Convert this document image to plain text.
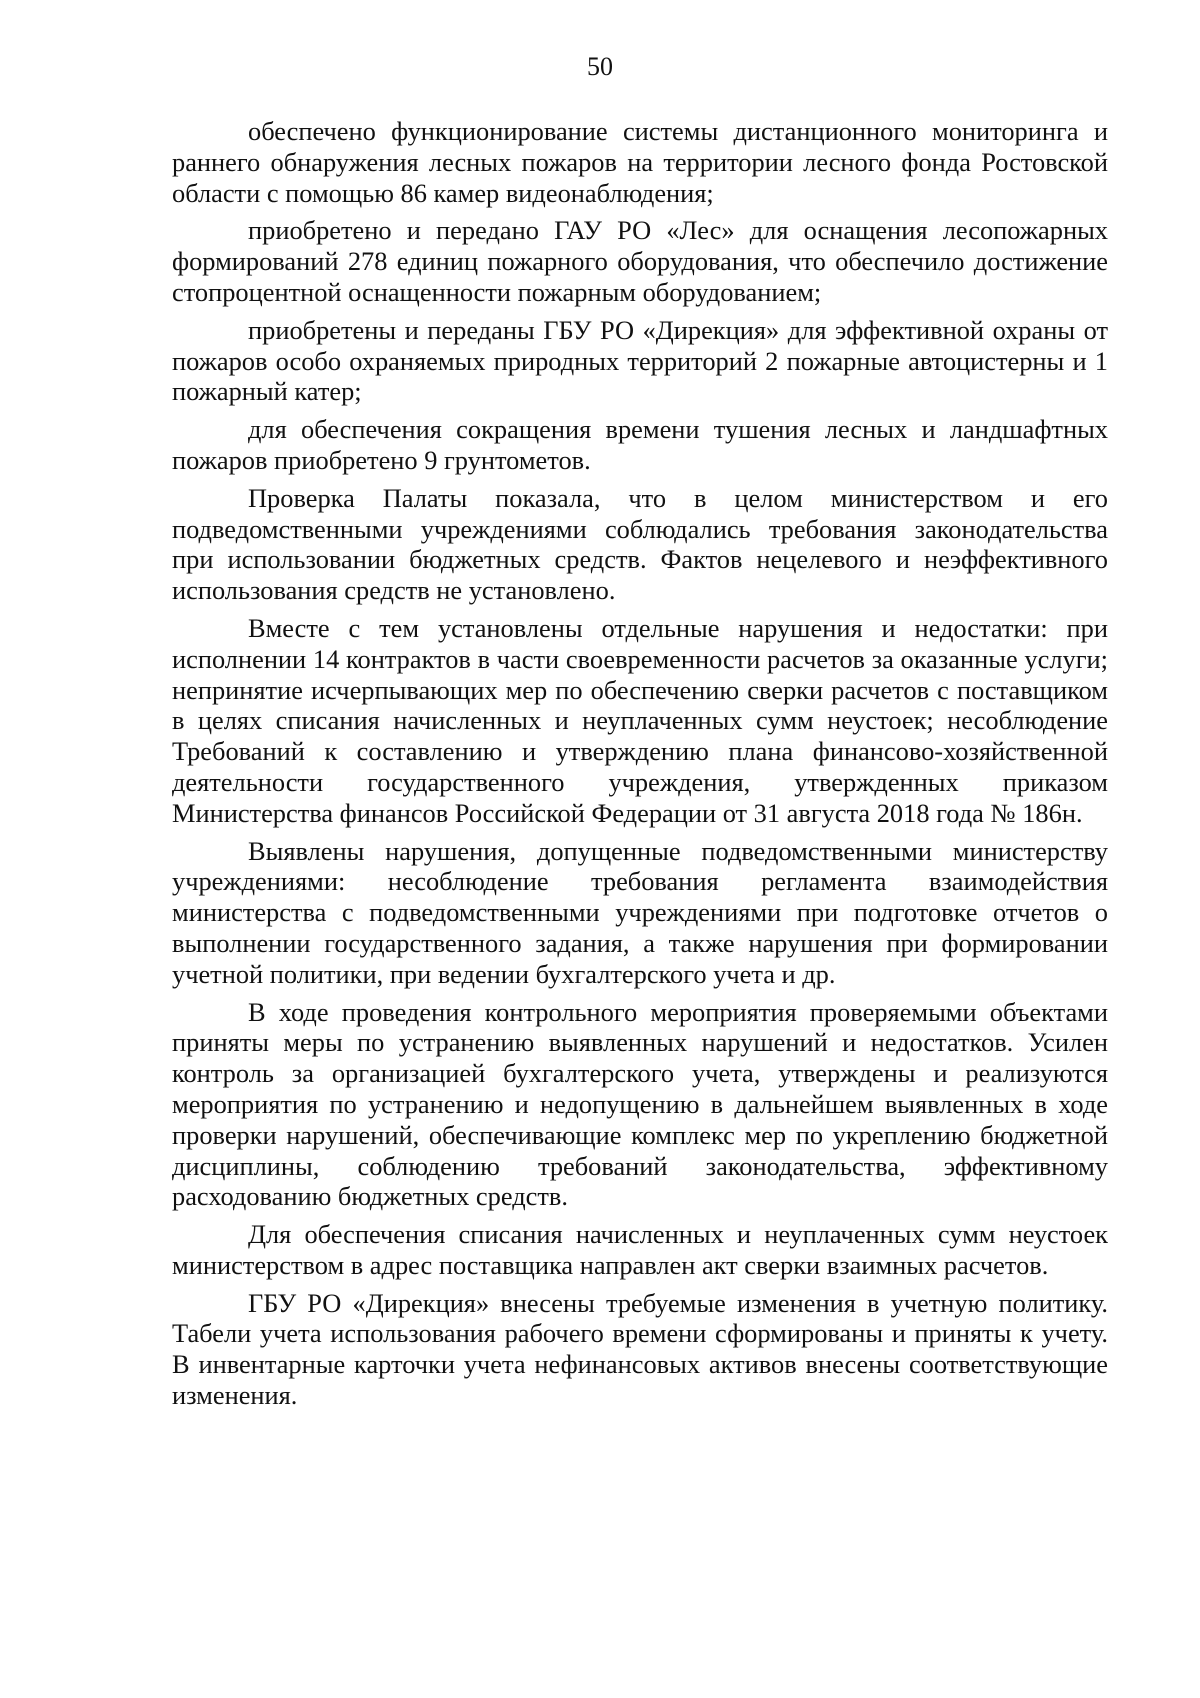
50

обеспечено функционирование системы дистанционного мониторинга и раннего обнаружения лесных пожаров на территории лесного фонда Ростовской области с помощью 86 камер видеонаблюдения;

приобретено и передано ГАУ РО «Лес» для оснащения лесопожарных формирований 278 единиц пожарного оборудования, что обеспечило достижение стопроцентной оснащенности пожарным оборудованием;

приобретены и переданы ГБУ РО «Дирекция» для эффективной охраны от пожаров особо охраняемых природных территорий 2 пожарные автоцистерны и 1 пожарный катер;

для обеспечения сокращения времени тушения лесных и ландшафтных пожаров приобретено 9 грунтометов.

Проверка Палаты показала, что в целом министерством и его подведомственными учреждениями соблюдались требования законодательства при использовании бюджетных средств. Фактов нецелевого и неэффективного использования средств не установлено.

Вместе с тем установлены отдельные нарушения и недостатки: при исполнении 14 контрактов в части своевременности расчетов за оказанные услуги; непринятие исчерпывающих мер по обеспечению сверки расчетов с поставщиком в целях списания начисленных и неуплаченных сумм неустоек; несоблюдение Требований к составлению и утверждению плана финансово-хозяйственной деятельности государственного учреждения, утвержденных приказом Министерства финансов Российской Федерации от 31 августа 2018 года № 186н.

Выявлены нарушения, допущенные подведомственными министерству учреждениями: несоблюдение требования регламента взаимодействия министерства с подведомственными учреждениями при подготовке отчетов о выполнении государственного задания, а также нарушения при формировании учетной политики, при ведении бухгалтерского учета и др.

В ходе проведения контрольного мероприятия проверяемыми объектами приняты меры по устранению выявленных нарушений и недостатков. Усилен контроль за организацией бухгалтерского учета, утверждены и реализуются мероприятия по устранению и недопущению в дальнейшем выявленных в ходе проверки нарушений, обеспечивающие комплекс мер по укреплению бюджетной дисциплины, соблюдению требований законодательства, эффективному расходованию бюджетных средств.

Для обеспечения списания начисленных и неуплаченных сумм неустоек министерством в адрес поставщика направлен акт сверки взаимных расчетов.

ГБУ РО «Дирекция» внесены требуемые изменения в учетную политику. Табели учета использования рабочего времени сформированы и приняты к учету. В инвентарные карточки учета нефинансовых активов внесены соответствующие изменения.
